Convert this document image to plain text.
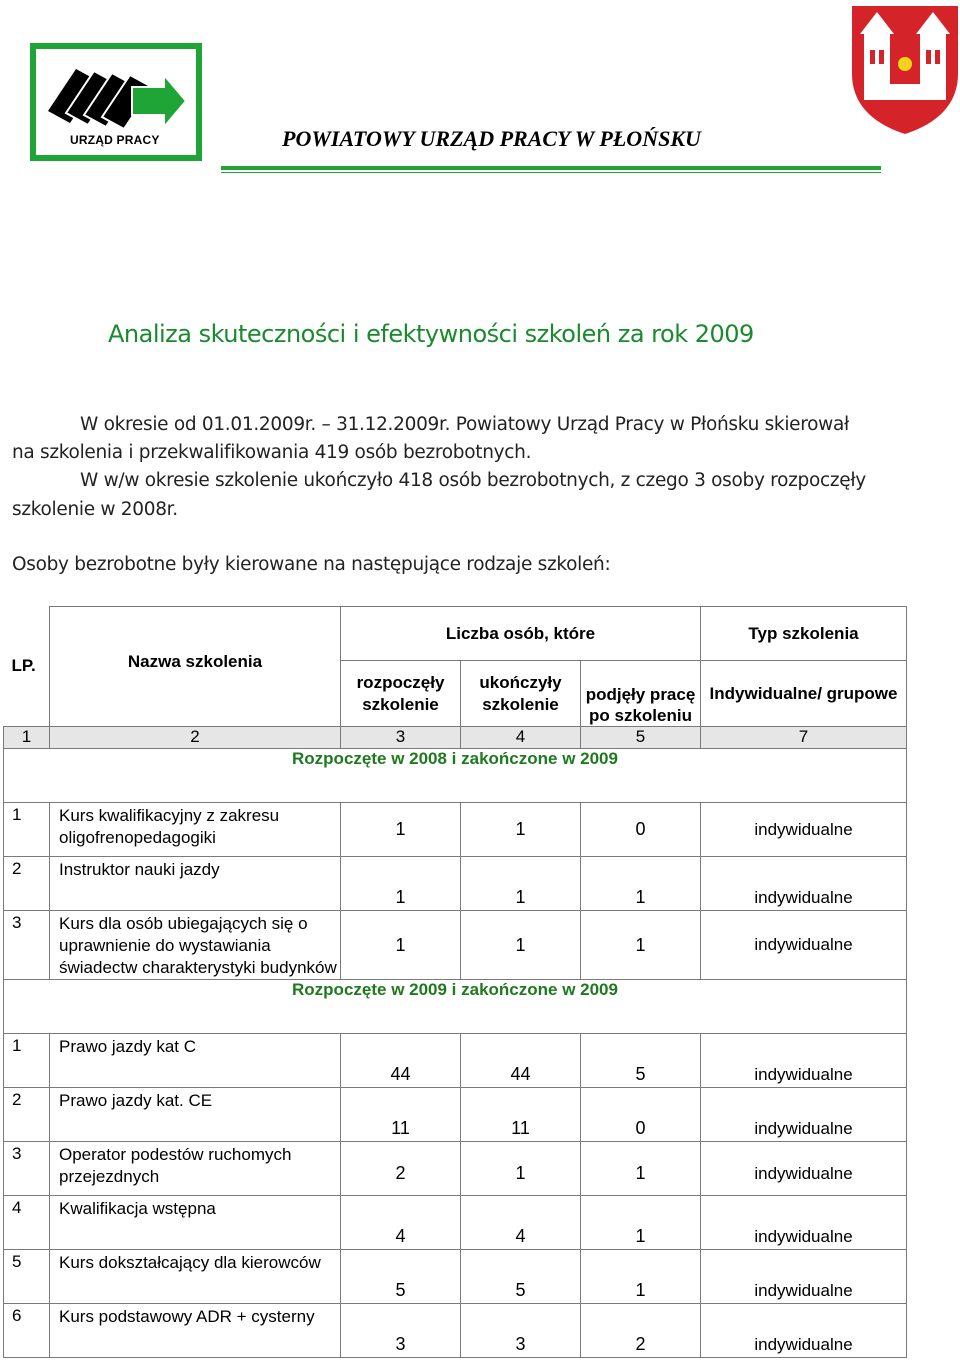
URZĄD PRACY	POWIATOWY URZĄD PRACY W PŁOŃSKU
Analiza skuteczności i efektywności szkoleń za rok 2009
W okresie od 01.01.2009r. – 31.12.2009r. Powiatowy Urząd Pracy w Płońsku skierował
na szkolenia i przekwalifikowania 419 osób bezrobotnych.
W w/w okresie szkolenie ukończyło 418 osób bezrobotnych, z czego 3 osoby rozpoczęły
szkolenie w 2008r.
Osoby bezrobotne były kierowane na następujące rodzaje szkoleń:
LP.	Nazwa szkolenia	Liczba osób, które			Typ szkolenia
		rozpoczęły szkolenie	ukończyły szkolenie	podjęły pracę po szkoleniu	Indywidualne/ grupowe
1	2	3	4	5	7
Rozpoczęte w 2008 i zakończone w 2009					
1	Kurs kwalifikacyjny z zakresu oligofrenopedagogiki	1	1	0	indywidualne
2	Instruktor nauki jazdy	1	1	1	indywidualne
3	Kurs dla osób ubiegających się o uprawnienie do wystawiania świadectw charakterystyki budynków	1	1	1	indywidualne
Rozpoczęte w 2009 i zakończone w 2009					
1	Prawo jazdy kat C	44	44	5	indywidualne
2	Prawo jazdy kat. CE	11	11	0	indywidualne
3	Operator podestów ruchomych przejezdnych	2	1	1	indywidualne
4	Kwalifikacja wstępna	4	4	1	indywidualne
5	Kurs dokształcający dla kierowców	5	5	1	indywidualne
6	Kurs podstawowy ADR + cysterny	3	3	2	indywidualne
